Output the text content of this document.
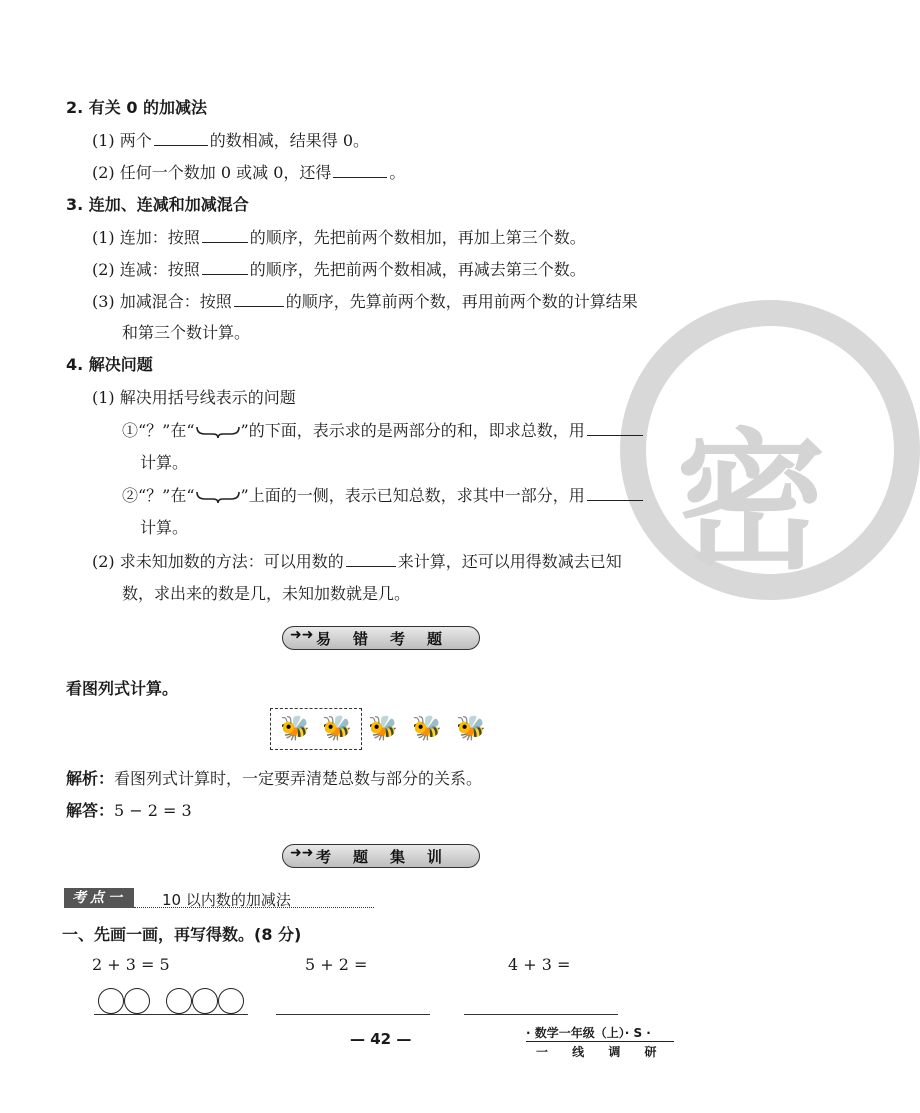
密
2. 有关 0 的加减法
(1) 两个	的数相减，结果得 0。
(2) 任何一个数加 0 或减 0，还得	。
3. 连加、连减和加减混合
(1) 连加：按照	的顺序，先把前两个数相加，再加上第三个数。
(2) 连减：按照	的顺序，先把前两个数相减，再减去第三个数。
(3) 加减混合：按照	的顺序，先算前两个数，再用前两个数的计算结果
和第三个数计算。
4. 解决问题
(1) 解决用括号线表示的问题
①“？”在“	”的下面，表示求的是两部分的和，即求总数，用
计算。
②“？”在“	”上面的一侧，表示已知总数，求其中一部分，用
计算。
(2) 求未知加数的方法：可以用数的	来计算，还可以用得数减去已知
数，求出来的数是几，未知加数就是几。
➜➜ 易错考题
看图列式计算。
🐝 🐝 🐝 🐝 🐝
解析：看图列式计算时，一定要弄清楚总数与部分的关系。
解答：5 − 2 = 3
➜➜ 考题集训
考点一	10 以内数的加减法
一、先画一画，再写得数。(8 分)
2 + 3 = 5	5 + 2 =	4 + 3 =
— 42 —	· 数学一年级（上）· S ·
一 线 调 研
